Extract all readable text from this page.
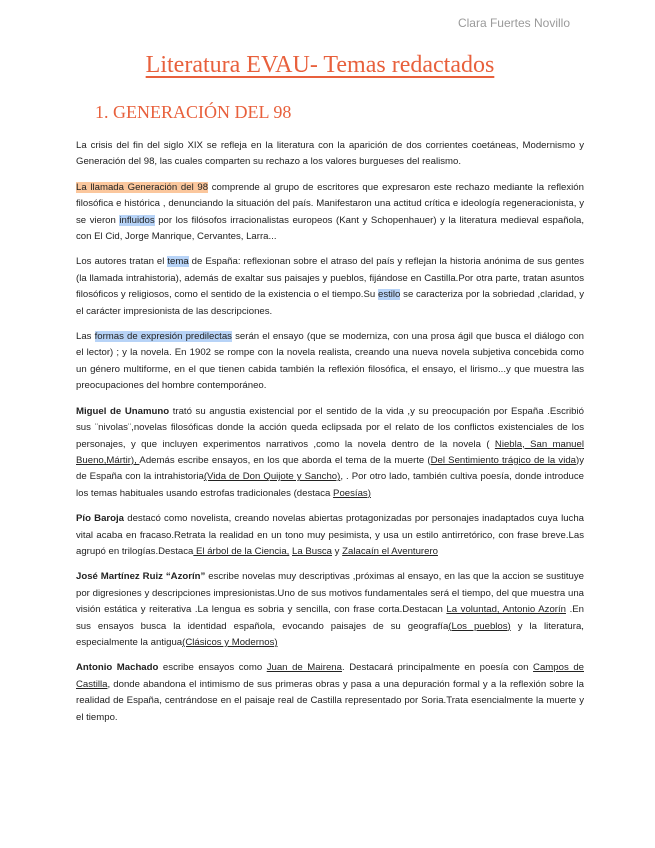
Clara Fuertes Novillo
Literatura EVAU- Temas redactados
1. GENERACIÓN DEL 98

La crisis del fin del siglo XIX se refleja en la literatura con la aparición de dos corrientes coetáneas, Modernismo y Generación del 98, las cuales comparten su rechazo a los valores burgueses del realismo.

La llamada Generación del 98 comprende al grupo de escritores que expresaron este rechazo mediante la reflexión filosófica e histórica , denunciando la situación del país. Manifestaron una actitud crítica e ideología regeneracionista, y se vieron influidos por los filósofos irracionalistas europeos (Kant y Schopenhauer) y la literatura medieval española, con El Cid, Jorge Manrique, Cervantes, Larra...

Los autores tratan el tema de España: reflexionan sobre el atraso del país y reflejan la historia anónima de sus gentes (la llamada intrahistoria), además de exaltar sus paisajes y pueblos, fijándose en Castilla.Por otra parte, tratan asuntos filosóficos y religiosos, como el sentido de la existencia o el tiempo.Su estilo se caracteriza por la sobriedad ,claridad, y el carácter impresionista de las descripciones.

Las formas de expresión predilectas serán el ensayo (que se moderniza, con una prosa ágil que busca el diálogo con el lector) ; y la novela. En 1902 se rompe con la novela realista, creando una nueva novela subjetiva concebida como un género multiforme, en el que tienen cabida también la reflexión filosófica, el ensayo, el lirismo...y que muestra las preocupaciones del hombre contemporáneo.

Miguel de Unamuno trató su angustia existencial por el sentido de la vida ,y su preocupación por España .Escribió sus ¨nivolas¨,novelas filosóficas donde la acción queda eclipsada por el relato de los conflictos existenciales de los personajes, y que incluyen experimentos narrativos ,como la novela dentro de la novela ( Niebla, San manuel Bueno,Mártir), Además escribe ensayos, en los que aborda el tema de la muerte (Del Sentimiento trágico de la vida)y de España con la intrahistoria(Vida de Don Quijote y Sancho), . Por otro lado, también cultiva poesía, donde introduce los temas habituales usando estrofas tradicionales (destaca Poesías)

Pío Baroja destacó como novelista, creando novelas abiertas protagonizadas por personajes inadaptados cuya lucha vital acaba en fracaso.Retrata la realidad en un tono muy pesimista, y usa un estilo antirretórico, con frase breve.Las agrupó en trilogías.Destaca El árbol de la Ciencia, La Busca y Zalacaín el Aventurero

José Martínez Ruiz “Azorín” escribe novelas muy descriptivas ,próximas al ensayo, en las que la accion se sustituye por digresiones y descripciones impresionistas.Uno de sus motivos fundamentales será el tiempo, del que muestra una visión estática y reiterativa .La lengua es sobria y sencilla, con frase corta.Destacan La voluntad, Antonio Azorín .En sus ensayos busca la identidad española, evocando paisajes de su geografía(Los pueblos) y la literatura, especialmente la antigua(Clásicos y Modernos)

Antonio Machado escribe ensayos como Juan de Mairena. Destacará principalmente en poesía con Campos de Castilla, donde abandona el intimismo de sus primeras obras y pasa a una depuración formal y a la reflexión sobre la realidad de España, centrándose en el paisaje real de Castilla representado por Soria.Trata esencialmente la muerte y el tiempo.
